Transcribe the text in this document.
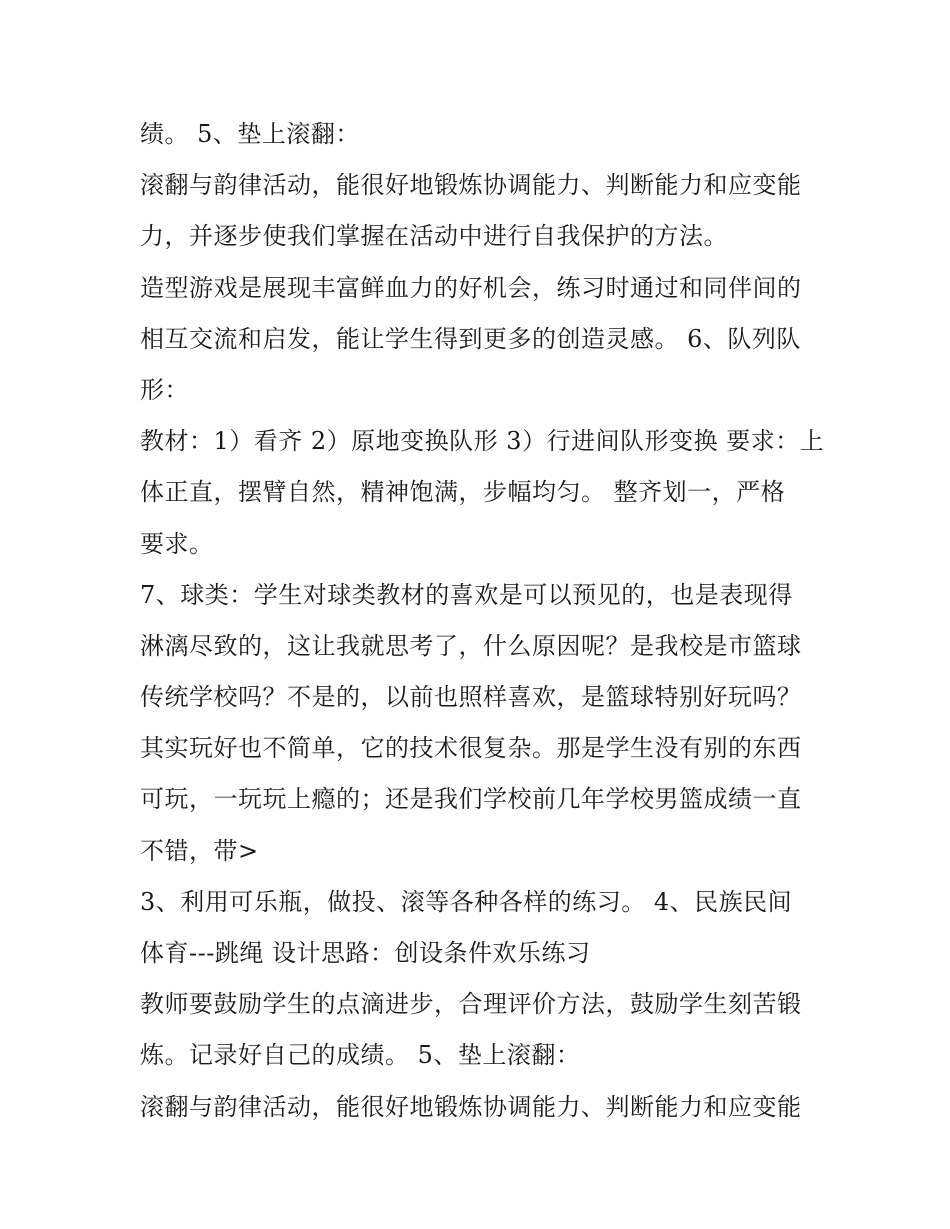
绩。 5、垫上滚翻：
滚翻与韵律活动，能很好地锻炼协调能力、判断能力和应变能
力，并逐步使我们掌握在活动中进行自我保护的方法。
造型游戏是展现丰富鲜血力的好机会，练习时通过和同伴间的
相互交流和启发，能让学生得到更多的创造灵感。 6、队列队
形：
教材：1）看齐 2）原地变换队形 3）行进间队形变换 要求：上
体正直，摆臂自然，精神饱满，步幅均匀。 整齐划一，严格
要求。
7、球类：学生对球类教材的喜欢是可以预见的，也是表现得
淋漓尽致的，这让我就思考了，什么原因呢？是我校是市篮球
传统学校吗？不是的，以前也照样喜欢，是篮球特别好玩吗？
其实玩好也不简单，它的技术很复杂。那是学生没有别的东西
可玩，一玩玩上瘾的；还是我们学校前几年学校男篮成绩一直
不错，带>
3、利用可乐瓶，做投、滚等各种各样的练习。 4、民族民间
体育---跳绳 设计思路：创设条件欢乐练习
教师要鼓励学生的点滴进步，合理评价方法，鼓励学生刻苦锻
炼。记录好自己的成绩。 5、垫上滚翻：
滚翻与韵律活动，能很好地锻炼协调能力、判断能力和应变能
